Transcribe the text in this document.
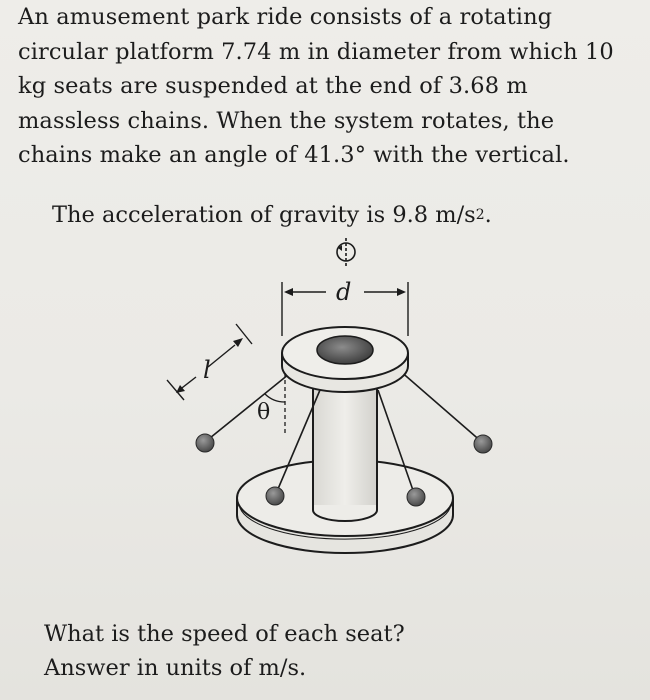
An amusement park ride consists of a rotating circular platform 7.74 m in diameter from which 10 kg seats are suspended at the end of 3.68 m massless chains. When the system rotates, the chains make an angle of 41.3° with the vertical.

The acceleration of gravity is 9.8 $m/s^2$.
θ
d
l

What is the speed of each seat?

Answer in units of m/s.
